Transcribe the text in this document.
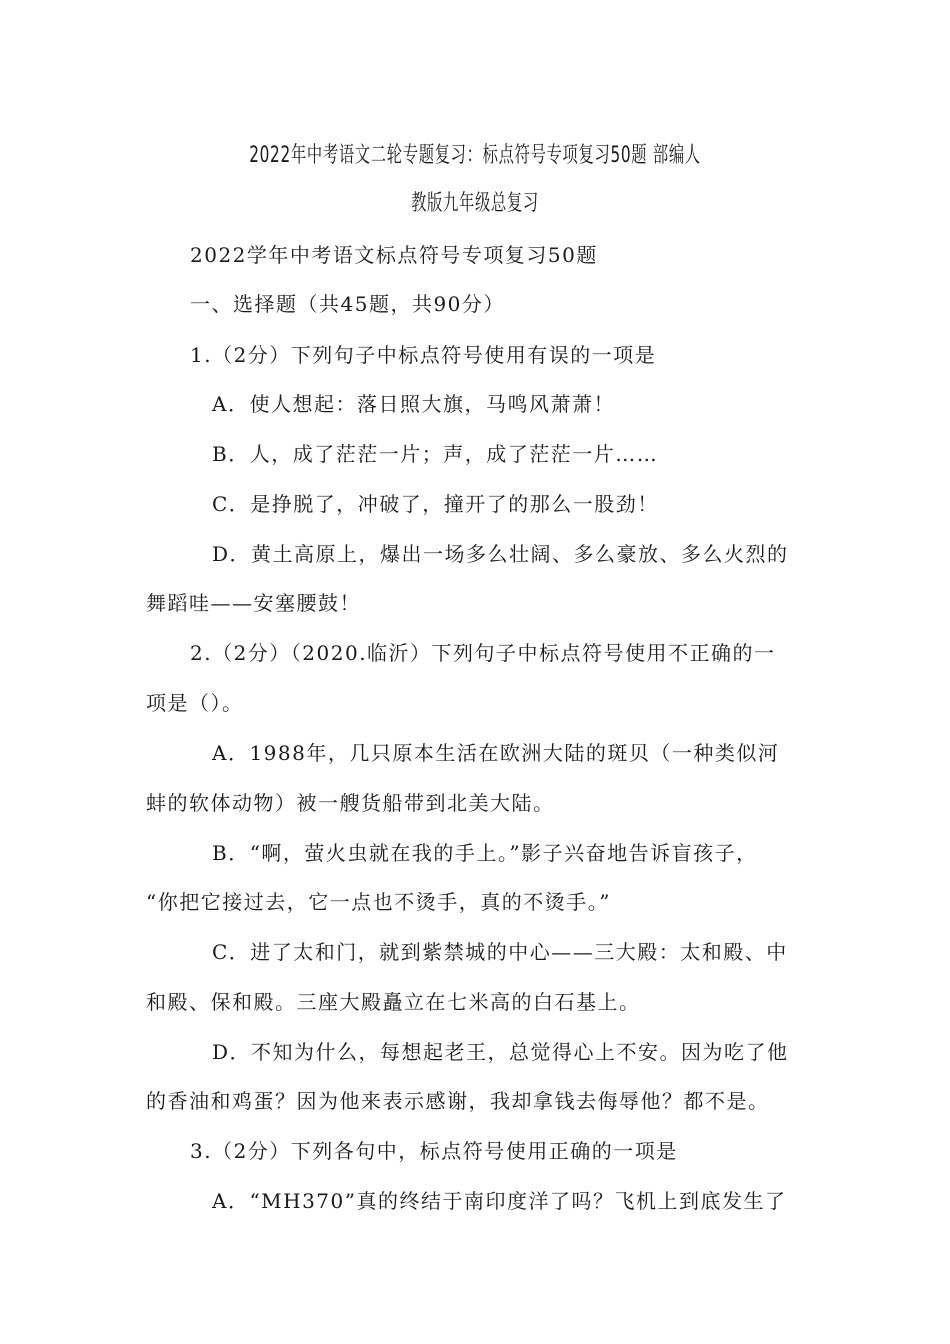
2022年中考语文二轮专题复习：标点符号专项复习50题 部编人
教版九年级总复习
2022学年中考语文标点符号专项复习50题
一、选择题（共45题，共90分）
1.（2分）下列句子中标点符号使用有误的一项是
A．使人想起：落日照大旗，马鸣风萧萧！
B．人，成了茫茫一片；声，成了茫茫一片……
C．是挣脱了，冲破了，撞开了的那么一股劲！
D．黄土高原上，爆出一场多么壮阔、多么豪放、多么火烈的
舞蹈哇——安塞腰鼓！
2.（2分）（2020.临沂）下列句子中标点符号使用不正确的一
项是（）。
A．1988年，几只原本生活在欧洲大陆的斑贝（一种类似河
蚌的软体动物）被一艘货船带到北美大陆。
B．“啊，萤火虫就在我的手上。”影子兴奋地告诉盲孩子，
“你把它接过去，它一点也不烫手，真的不烫手。”
C．进了太和门，就到紫禁城的中心——三大殿：太和殿、中
和殿、保和殿。三座大殿矗立在七米高的白石基上。
D．不知为什么，每想起老王，总觉得心上不安。因为吃了他
的香油和鸡蛋？因为他来表示感谢，我却拿钱去侮辱他？都不是。
3.（2分）下列各句中，标点符号使用正确的一项是
A．“MH370”真的终结于南印度洋了吗？飞机上到底发生了
